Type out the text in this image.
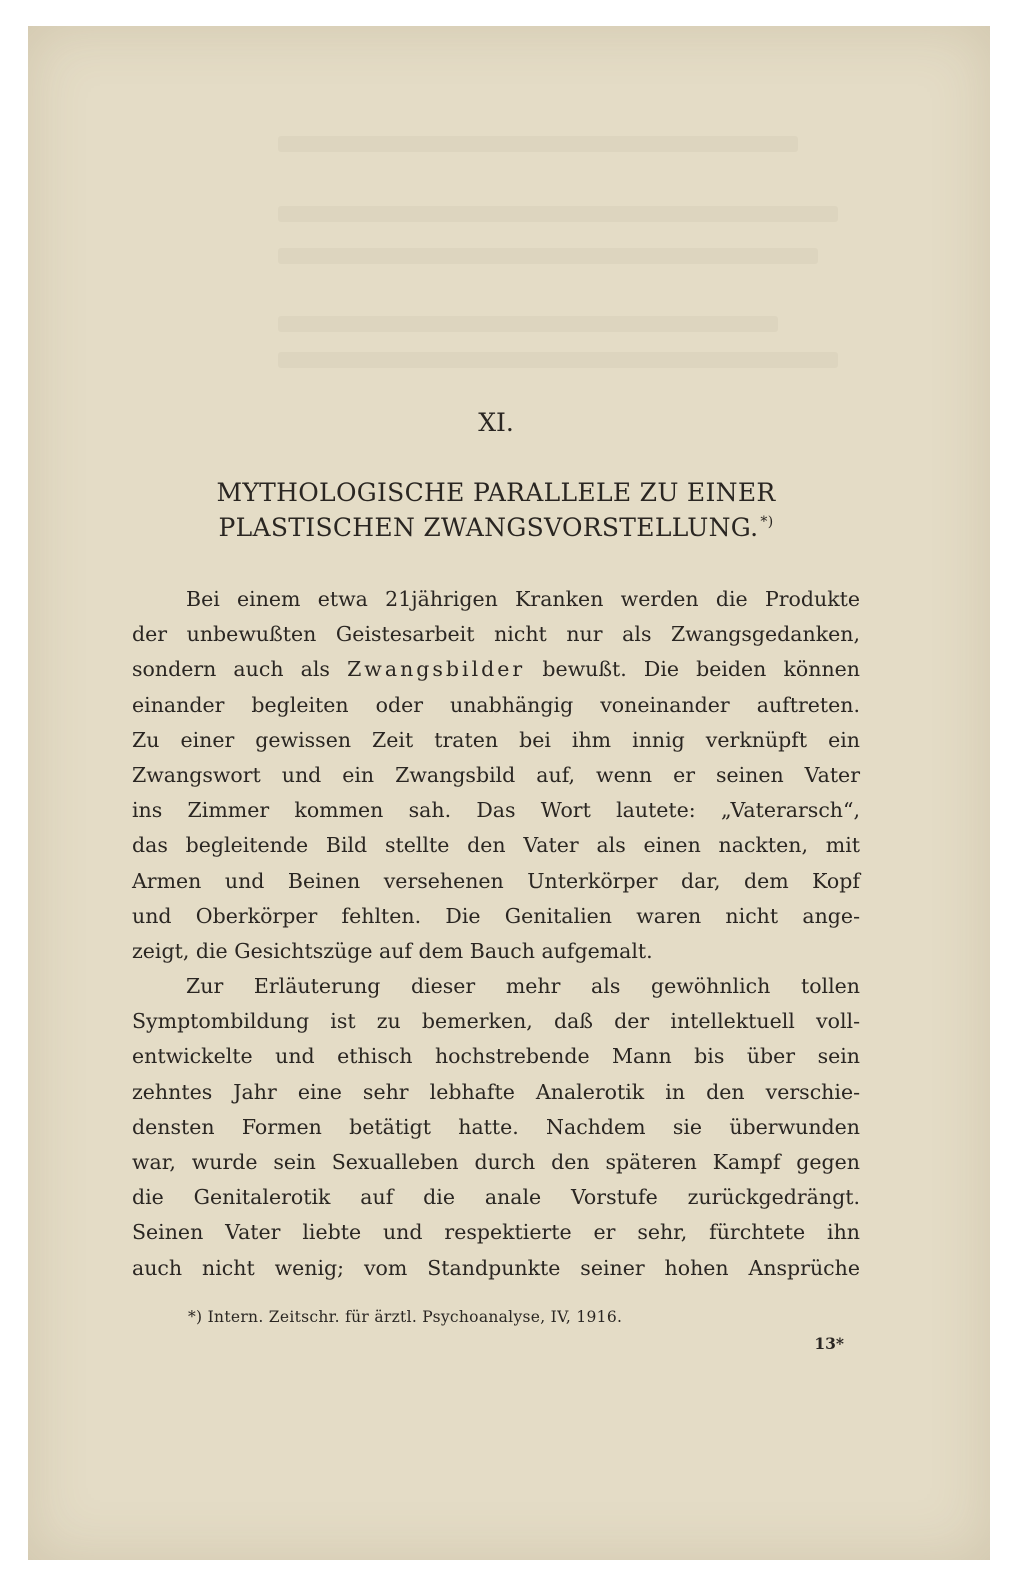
XI.
MYTHOLOGISCHE PARALLELE ZU EINER
PLASTISCHEN ZWANGSVORSTELLUNG. *)
Bei einem etwa 21jährigen Kranken werden die Produkte
der unbewußten Geistesarbeit nicht nur als Zwangsgedanken,
sondern auch als Zwangsbilder bewußt. Die beiden können
einander begleiten oder unabhängig voneinander auftreten.
Zu einer gewissen Zeit traten bei ihm innig verknüpft ein
Zwangswort und ein Zwangsbild auf, wenn er seinen Vater
ins Zimmer kommen sah. Das Wort lautete: „Vaterarsch“,
das begleitende Bild stellte den Vater als einen nackten, mit
Armen und Beinen versehenen Unterkörper dar, dem Kopf
und Oberkörper fehlten. Die Genitalien waren nicht ange-
zeigt, die Gesichtszüge auf dem Bauch aufgemalt.
Zur Erläuterung dieser mehr als gewöhnlich tollen
Symptombildung ist zu bemerken, daß der intellektuell voll-
entwickelte und ethisch hochstrebende Mann bis über sein
zehntes Jahr eine sehr lebhafte Analerotik in den verschie-
densten Formen betätigt hatte. Nachdem sie überwunden
war, wurde sein Sexualleben durch den späteren Kampf gegen
die Genitalerotik auf die anale Vorstufe zurückgedrängt.
Seinen Vater liebte und respektierte er sehr, fürchtete ihn
auch nicht wenig; vom Standpunkte seiner hohen Ansprüche
*) Intern. Zeitschr. für ärztl. Psychoanalyse, IV, 1916.
13*
